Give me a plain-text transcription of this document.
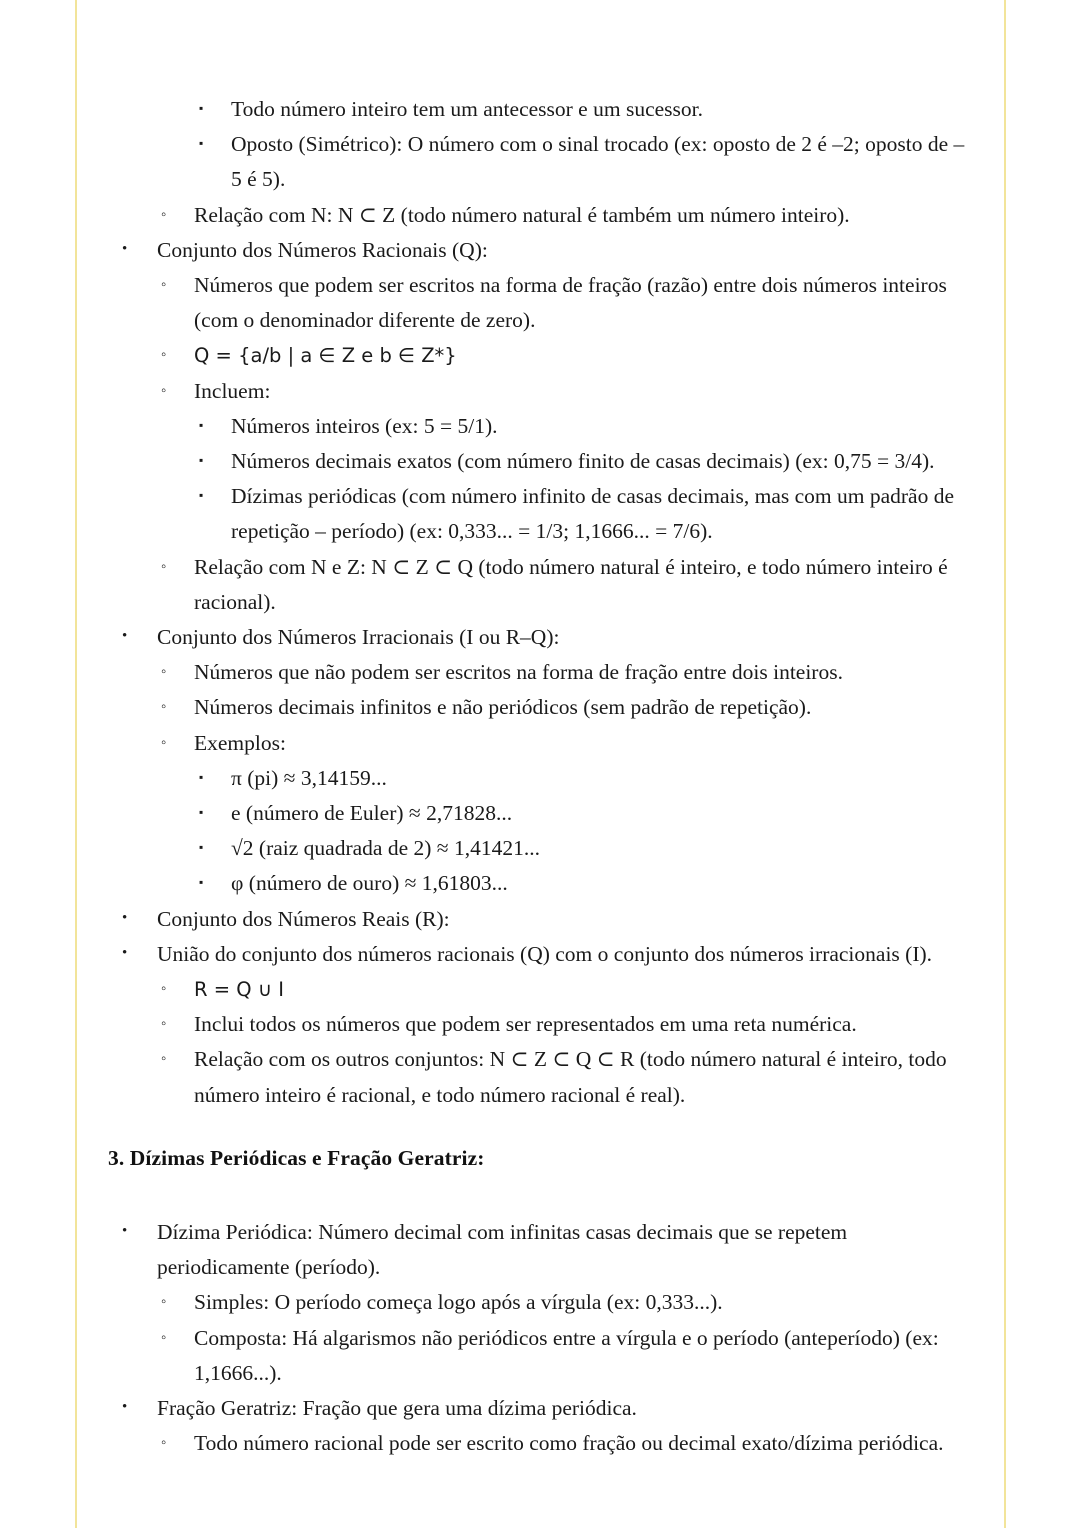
▪	Todo número inteiro tem um antecessor e um sucessor.
▪	Oposto (Simétrico): O número com o sinal trocado (ex: oposto de 2 é –2; oposto de –5 é 5).
◦	Relação com N: N ⊂ Z (todo número natural é também um número inteiro).
•	Conjunto dos Números Racionais (Q):
◦	Números que podem ser escritos na forma de fração (razão) entre dois números inteiros (com o denominador diferente de zero).
◦	Q = {a/b | a ∈ Z e b ∈ Z*}
◦	Incluem:
▪	Números inteiros (ex: 5 = 5/1).
▪	Números decimais exatos (com número finito de casas decimais) (ex: 0,75 = 3/4).
▪	Dízimas periódicas (com número infinito de casas decimais, mas com um padrão de repetição – período) (ex: 0,333... = 1/3; 1,1666... = 7/6).
◦	Relação com N e Z: N ⊂ Z ⊂ Q (todo número natural é inteiro, e todo número inteiro é racional).
•	Conjunto dos Números Irracionais (I ou R–Q):
◦	Números que não podem ser escritos na forma de fração entre dois inteiros.
◦	Números decimais infinitos e não periódicos (sem padrão de repetição).
◦	Exemplos:
▪	π (pi) ≈ 3,14159...
▪	e (número de Euler) ≈ 2,71828...
▪	√2 (raiz quadrada de 2) ≈ 1,41421...
▪	φ (número de ouro) ≈ 1,61803...
•	Conjunto dos Números Reais (R):
•	União do conjunto dos números racionais (Q) com o conjunto dos números irracionais (I).
◦	R = Q ∪ I
◦	Inclui todos os números que podem ser representados em uma reta numérica.
◦	Relação com os outros conjuntos: N ⊂ Z ⊂ Q ⊂ R (todo número natural é inteiro, todo número inteiro é racional, e todo número racional é real).

3. Dízimas Periódicas e Fração Geratriz:

•	Dízima Periódica: Número decimal com infinitas casas decimais que se repetem periodicamente (período).
◦	Simples: O período começa logo após a vírgula (ex: 0,333...).
◦	Composta: Há algarismos não periódicos entre a vírgula e o período (anteperíodo) (ex: 1,1666...).
•	Fração Geratriz: Fração que gera uma dízima periódica.
◦	Todo número racional pode ser escrito como fração ou decimal exato/dízima periódica.
